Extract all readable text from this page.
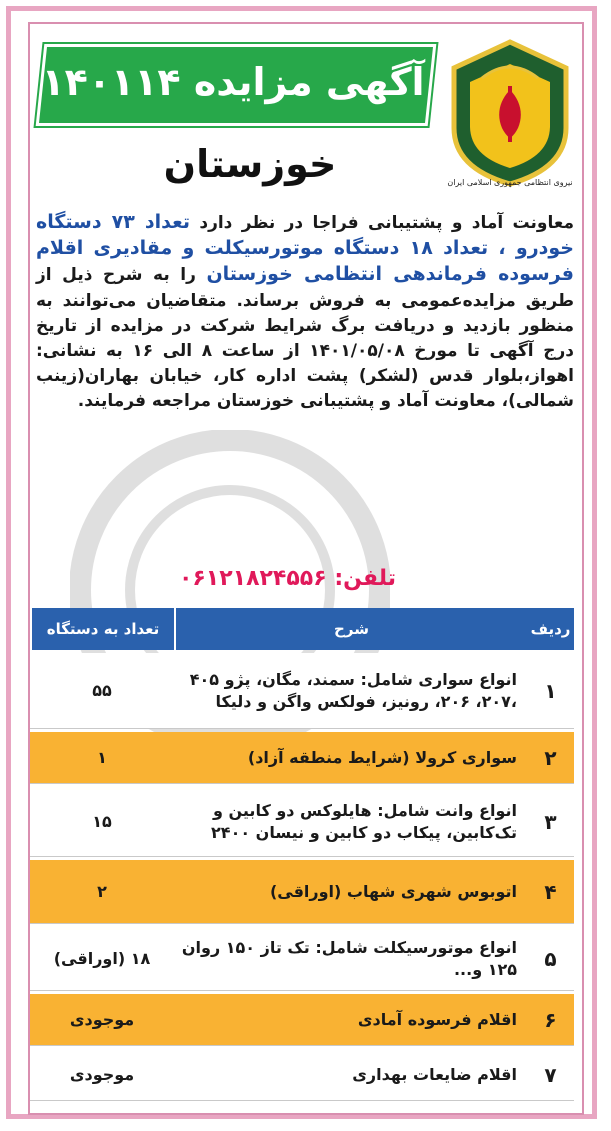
نیروی انتظامی جمهوری اسلامی ایران
آگهی مزایده ۱۴۰۱۱۴
خوزستان
معاونت آماد و پشتیبانی فراجا در نظر دارد تعداد ۷۳ دستگاه خودرو ، تعداد ۱۸ دستگاه موتورسیکلت و مقادیری اقلام فرسوده فرماندهی انتظامی خوزستان را به شرح ذیل از طریق مزایده‌عمومی به فروش برساند. متقاضیان می‌توانند به منظور بازدید و دریافت برگ شرایط شرکت در مزایده از تاریخ درج آگهی تا مورخ ۱۴۰۱/۰۵/۰۸ از ساعت ۸ الی ۱۶ به نشانی: اهواز،بلوار قدس (لشکر) پشت اداره کار، خیابان بهاران(زینب شمالی)، معاونت آماد و پشتیبانی خوزستان مراجعه فرمایند.
تلفن: ۰۶۱۲۱۸۲۴۵۵۶
ردیف	شرح	تعداد به دستگاه
۱	انواع سواری شامل: سمند، مگان، پژو ۴۰۵ ،۲۰۷، ۲۰۶، رونیز، فولکس واگن و دلیکا	۵۵
۲	سواری کرولا (شرایط منطقه آزاد)	۱
۳	انواع وانت شامل: هایلوکس دو کابین و تک‌کابین، پیکاب دو کابین و نیسان ۲۴۰۰	۱۵
۴	اتوبوس شهری شهاب (اوراقی)	۲
۵	انواع موتورسیکلت شامل: تک تاز ۱۵۰ روان ۱۲۵ و...	۱۸ (اوراقی)
۶	اقلام فرسوده آمادی	موجودی
۷	اقلام ضایعات بهداری	موجودی
